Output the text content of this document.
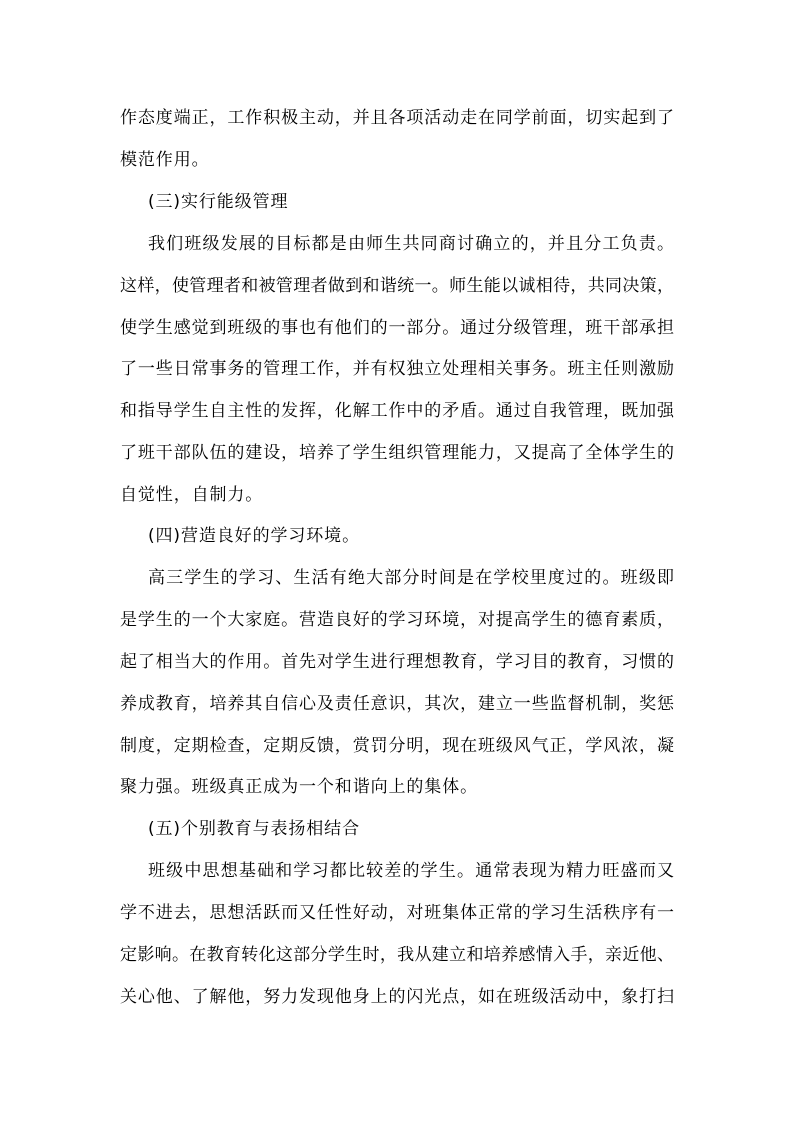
作态度端正，工作积极主动，并且各项活动走在同学前面，切实起到了
模范作用。
(三)实行能级管理
我们班级发展的目标都是由师生共同商讨确立的，并且分工负责。
这样，使管理者和被管理者做到和谐统一。师生能以诚相待，共同决策，
使学生感觉到班级的事也有他们的一部分。通过分级管理，班干部承担
了一些日常事务的管理工作，并有权独立处理相关事务。班主任则激励
和指导学生自主性的发挥，化解工作中的矛盾。通过自我管理，既加强
了班干部队伍的建设，培养了学生组织管理能力，又提高了全体学生的
自觉性，自制力。
(四)营造良好的学习环境。
高三学生的学习、生活有绝大部分时间是在学校里度过的。班级即
是学生的一个大家庭。营造良好的学习环境，对提高学生的德育素质，
起了相当大的作用。首先对学生进行理想教育，学习目的教育，习惯的
养成教育，培养其自信心及责任意识，其次，建立一些监督机制，奖惩
制度，定期检查，定期反馈，赏罚分明，现在班级风气正，学风浓，凝
聚力强。班级真正成为一个和谐向上的集体。
(五)个别教育与表扬相结合
班级中思想基础和学习都比较差的学生。通常表现为精力旺盛而又
学不进去，思想活跃而又任性好动，对班集体正常的学习生活秩序有一
定影响。在教育转化这部分学生时，我从建立和培养感情入手，亲近他、
关心他、了解他，努力发现他身上的闪光点，如在班级活动中，象打扫
